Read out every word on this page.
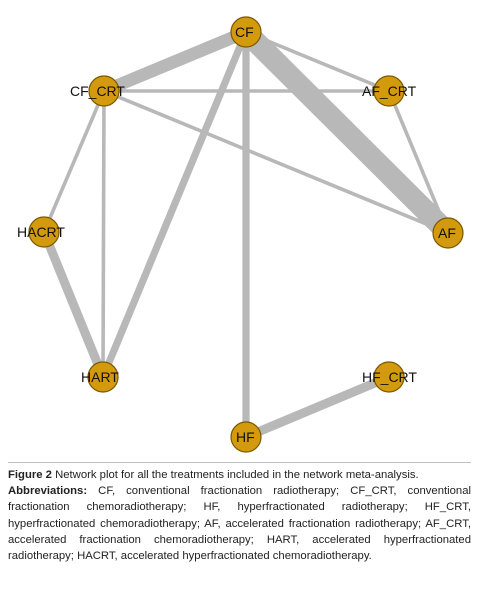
CF
CF_CRT	AF_CRT
HACRT	AF
HART	HF_CRT
HF

Figure 2 Network plot for all the treatments included in the network meta-analysis.

Abbreviations: CF, conventional fractionation radiotherapy; CF_CRT, conventional fractionation chemoradiotherapy; HF, hyperfractionated radiotherapy; HF_CRT, hyperfractionated chemoradiotherapy; AF, accelerated fractionation radiotherapy; AF_CRT, accelerated fractionation chemoradiotherapy; HART, accelerated hyperfractionated radiotherapy; HACRT, accelerated hyperfractionated chemoradiotherapy.
